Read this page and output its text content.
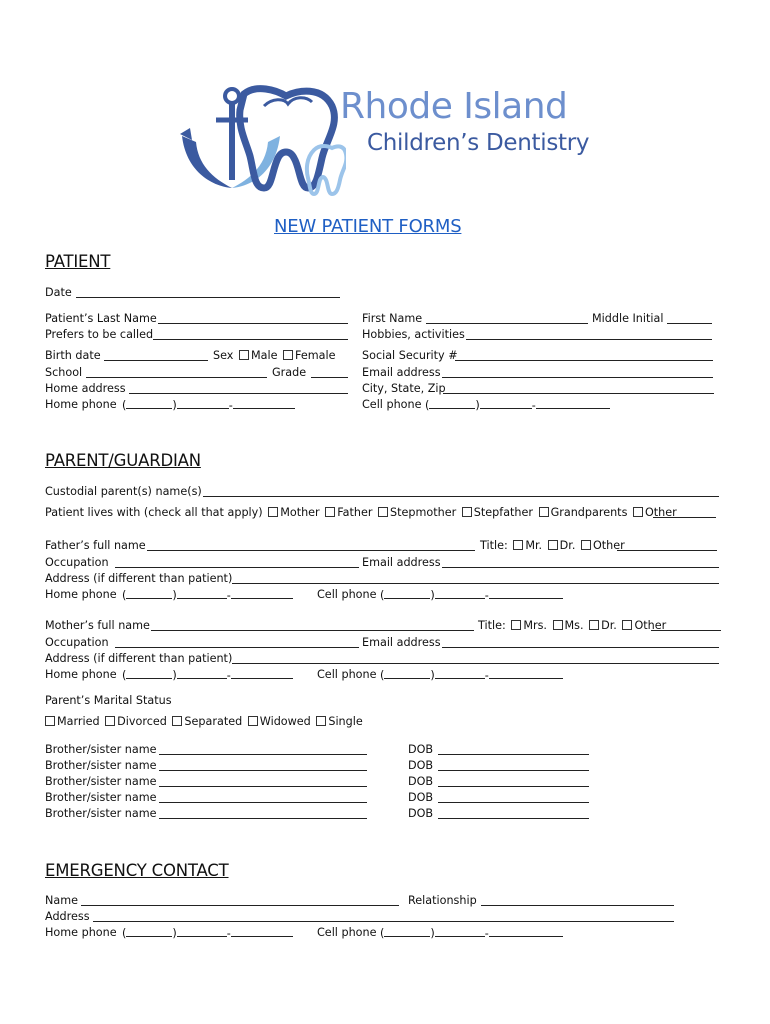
Rhode Island
Children’s Dentistry
NEW PATIENT FORMS
PATIENT
Date
Patient’s Last Name	First Name	Middle Initial
Prefers to be called	Hobbies, activities
Birth date	Sex Male Female Social Security #
School	Grade	Email address
Home address	City, State, Zip
Home phone (	)	-	Cell phone (	)	-
PARENT/GUARDIAN
Custodial parent(s) name(s)
Patient lives with (check all that apply) Mother Father Stepmother Stepfather Grandparents Other
Father’s full name	Title: Mr. Dr. Other
Occupation	Email address
Address (if different than patient)
Home phone (	)	-	Cell phone (	)	-
Mother’s full name	Title: Mrs. Ms. Dr. Other
Occupation	Email address
Address (if different than patient)
Home phone (	)	-	Cell phone (	)	-
Parent’s Marital Status
Married Divorced Separated Widowed Single
Brother/sister name	DOB
Brother/sister name	DOB
Brother/sister name	DOB
Brother/sister name	DOB
Brother/sister name	DOB
EMERGENCY CONTACT
Name	Relationship
Address
Home phone (	)	-	Cell phone (	)	-
